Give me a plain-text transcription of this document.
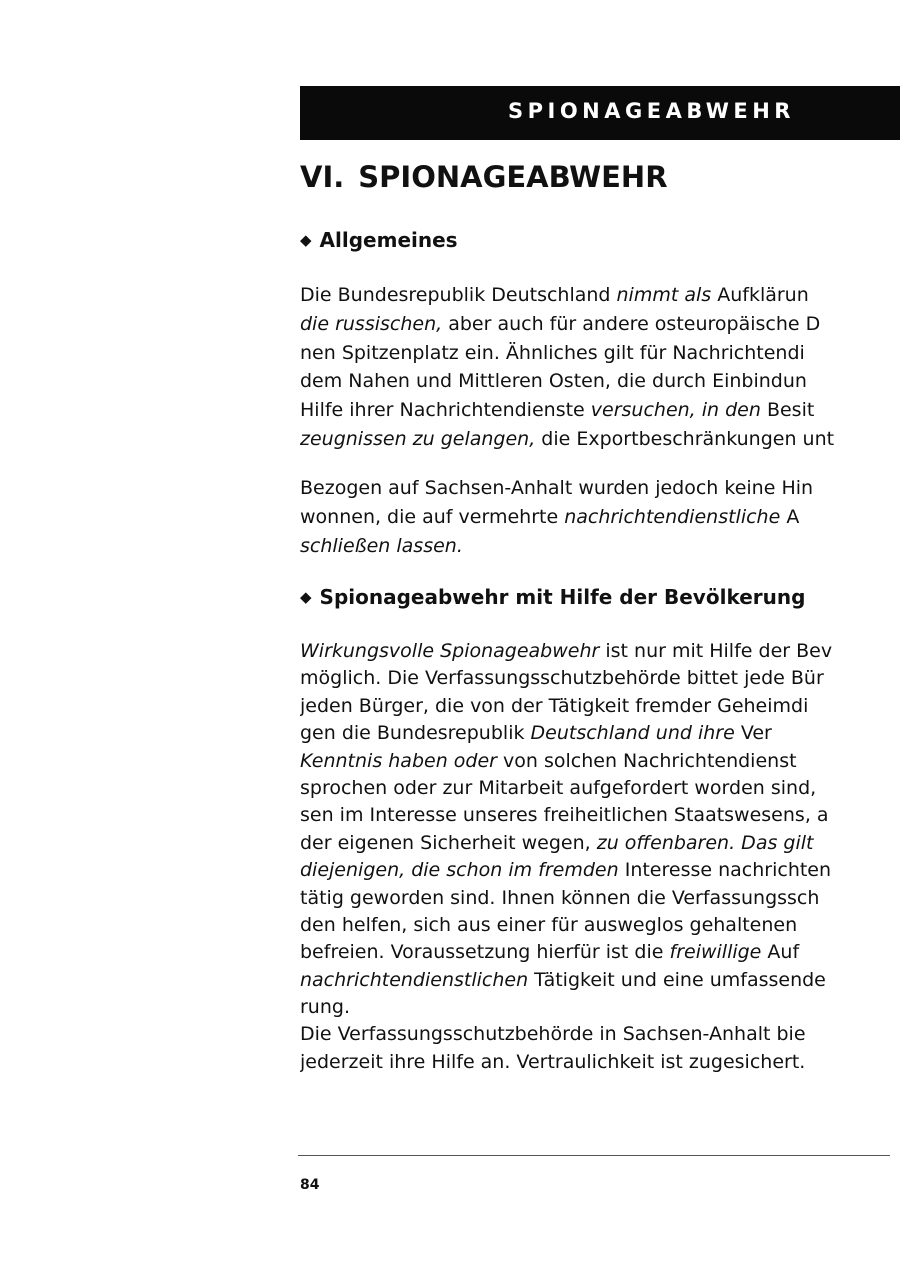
SPIONAGEABWEHR
VI. SPIONAGEABWEHR
◆ Allgemeines
Die Bundesrepublik Deutschland nimmt als Aufklärun
die russischen, aber auch für andere osteuropäische D
nen Spitzenplatz ein. Ähnliches gilt für Nachrichtendi
dem Nahen und Mittleren Osten, die durch Einbindun
Hilfe ihrer Nachrichtendienste versuchen, in den Besit
zeugnissen zu gelangen, die Exportbeschränkungen unt
Bezogen auf Sachsen-Anhalt wurden jedoch keine Hin
wonnen, die auf vermehrte nachrichtendienstliche A
schließen lassen.
◆ Spionageabwehr mit Hilfe der Bevölkerung
Wirkungsvolle Spionageabwehr ist nur mit Hilfe der Bev
möglich. Die Verfassungsschutzbehörde bittet jede Bür
jeden Bürger, die von der Tätigkeit fremder Geheimdi
gen die Bundesrepublik Deutschland und ihre Ver
Kenntnis haben oder von solchen Nachrichtendienst
sprochen oder zur Mitarbeit aufgefordert worden sind,
sen im Interesse unseres freiheitlichen Staatswesens, a
der eigenen Sicherheit wegen, zu offenbaren. Das gilt
diejenigen, die schon im fremden Interesse nachrichten
tätig geworden sind. Ihnen können die Verfassungssch
den helfen, sich aus einer für ausweglos gehaltenen
befreien. Voraussetzung hierfür ist die freiwillige Auf
nachrichtendienstlichen Tätigkeit und eine umfassende
rung.
Die Verfassungsschutzbehörde in Sachsen-Anhalt bie
jederzeit ihre Hilfe an. Vertraulichkeit ist zugesichert.
84
